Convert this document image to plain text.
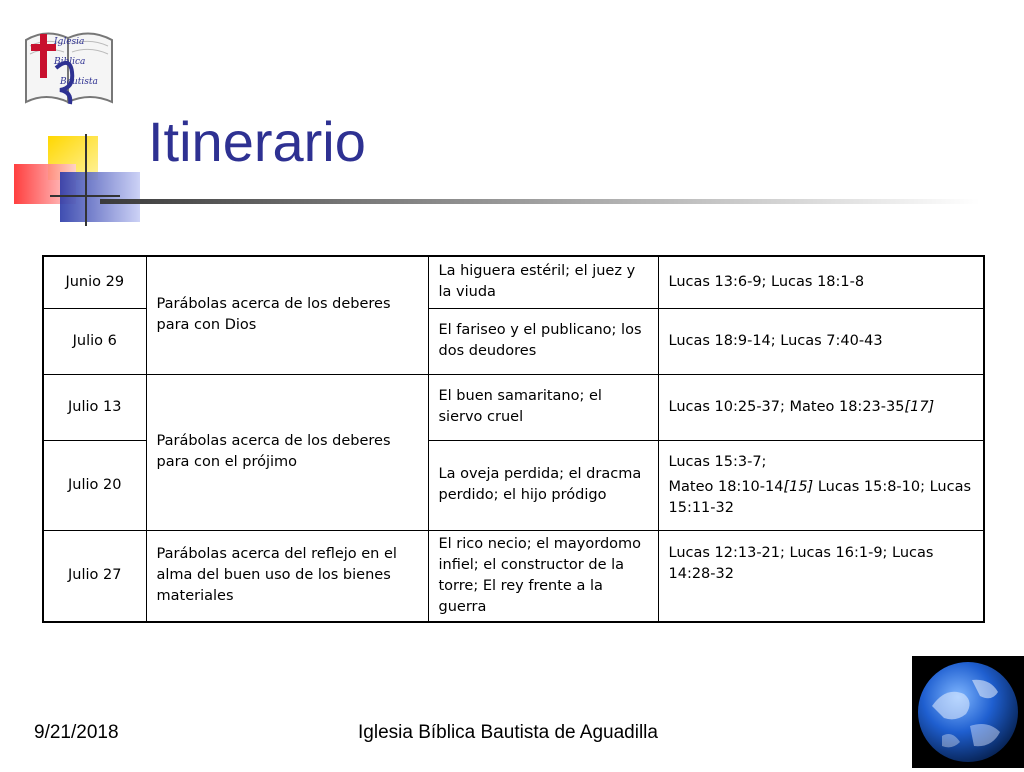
Iglesia
Biblica
Bautista
Itinerario
Junio 29	Parábolas acerca de los deberes para con Dios	La higuera estéril; el juez y la viuda	Lucas 13:6-9; Lucas 18:1-8
Julio 6		El fariseo y el publicano; los dos deudores	Lucas 18:9-14; Lucas 7:40-43
Julio 13	Parábolas acerca de los deberes para con el prójimo	El buen samaritano; el siervo cruel	Lucas 10:25-37; Mateo 18:23-35[17]
Julio 20		La oveja perdida; el dracma perdido; el hijo pródigo	Lucas 15:3-7;
Mateo 18:10-14[15] Lucas 15:8-10; Lucas 15:11-32

Julio 27	Parábolas acerca del reflejo en el alma del buen uso de los bienes materiales	El rico necio; el mayordomo infiel; el constructor de la torre; El rey frente a la guerra	Lucas 12:13-21; Lucas 16:1-9; Lucas 14:28-32
9/21/2018	Iglesia Bíblica Bautista de Aguadilla
